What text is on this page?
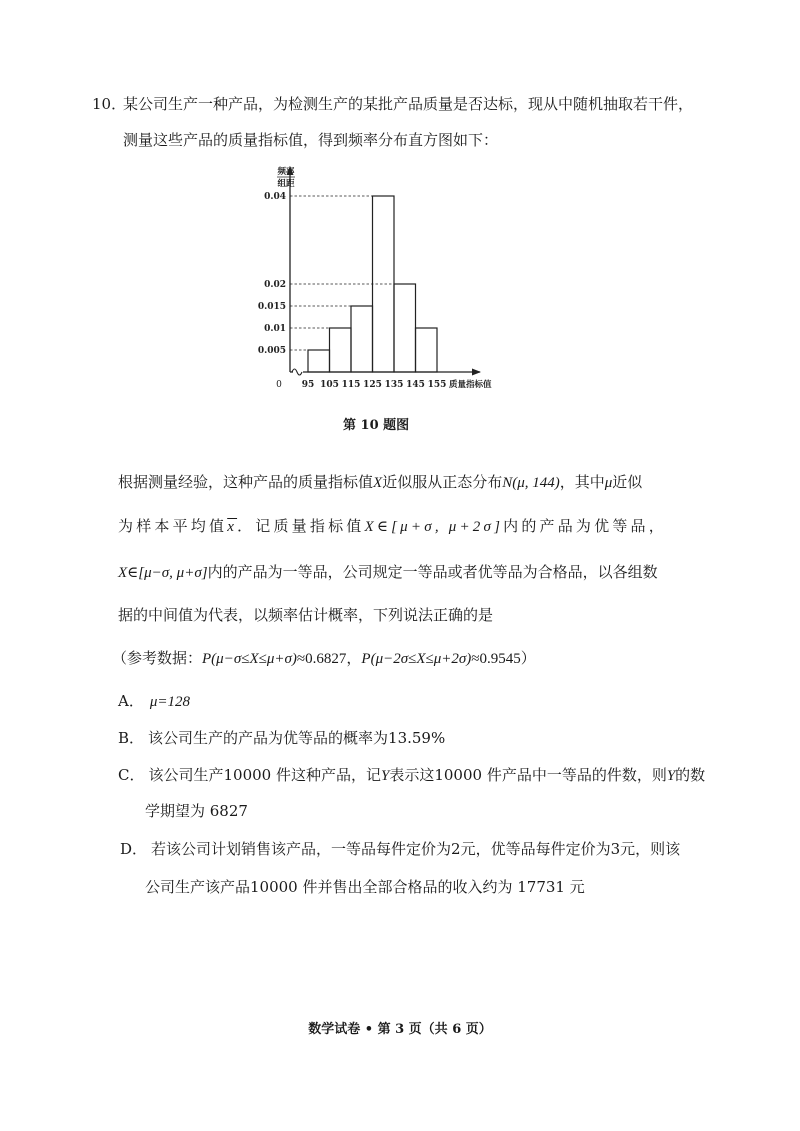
10．
某公司生产一种产品，为检测生产的某批产品质量是否达标，现从中随机抽取若干件，
测量这些产品的质量指标值，得到频率分布直方图如下：
频率
组距
0
0.005
0.01
0.015
0.02
0.04
95 105 115 125 135 145 155 质量指标值
第 10 题图
根据测量经验，这种产品的质量指标值X近似服从正态分布N(μ, 144)，其中μ近似
为样本平均值$\overline{x}$．记质量指标值X∈[μ+σ, μ+2σ]内的产品为优等品，
X∈[μ−σ, μ+σ]内的产品为一等品，公司规定一等品或者优等品为合格品，以各组数
据的中间值为代表，以频率估计概率，下列说法正确的是
（参考数据：P(μ−σ≤X≤μ+σ)≈0.6827，P(μ−2σ≤X≤μ+2σ)≈0.9545）
A． μ=128
B． 该公司生产的产品为优等品的概率为13.59%
C． 该公司生产10000 件这种产品，记Y表示这10000 件产品中一等品的件数，则Y的数
学期望为 6827
D． 若该公司计划销售该产品，一等品每件定价为2元，优等品每件定价为3元，则该
公司生产该产品10000 件并售出全部合格品的收入约为 17731 元
数学试卷 • 第 3 页（共 6 页）
